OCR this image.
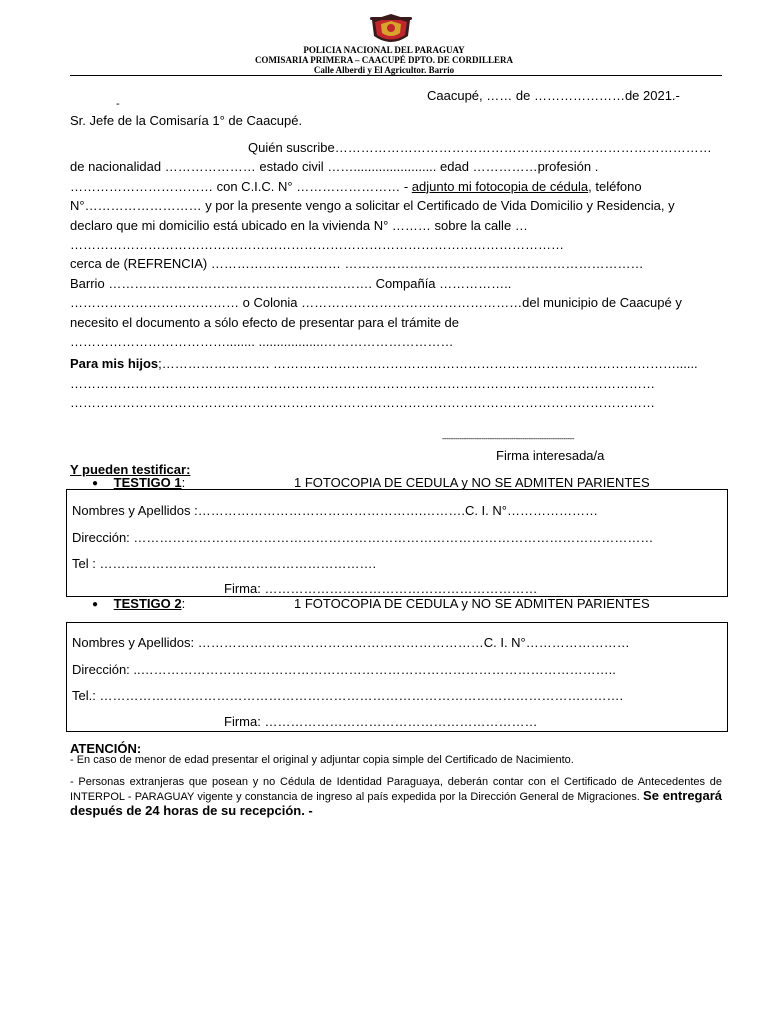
POLICIA NACIONAL DEL PARAGUAY
COMISARIA PRIMERA – CAACUPÉ DPTO. DE CORDILLERA
Calle Alberdi y El Agricultor. Barrio
Caacupé, …… de …………………de 2021.-
-
Sr. Jefe de la Comisaría 1° de Caacupé.
Quién suscribe……………………………………………………………………………
de nacionalidad ………………… estado civil ……....................... edad ……………profesión .
…………………………… con C.I.C. N° …………………… - adjunto mi fotocopia de cédula, teléfono
N°……………………… y por la presente vengo a solicitar el Certificado de Vida Domicilio y Residencia, y
declaro que mi domicilio está ubicado en la vivienda N° ……… sobre la calle …
……………………………………………………………………………………………………
cerca de (REFRENCIA) ………………………… ……………………………………………………………
Barrio ……………………………………………………. Compañía ……………..
………………………………… o Colonia ……………………………………………del municipio de Caacupé y
necesito el documento a sólo efecto de presentar para el trámite de
………………………………........ ..................…………………………
Para mis hijos;……………………. …………………………………………………………………………………......
………………………………………………………………………………………………………………………
………………………………………………………………………………………………………………………
-------------------------------------------------------------
Firma interesada/a
Y pueden testificar:
● TESTIGO 1:	1 FOTOCOPIA DE CEDULA y NO SE ADMITEN PARIENTES
Nombres y Apellidos :…………………………………………….……….C. I. N°…………………
Dirección: …………………………………………………………………………………………………………
Tel : ……………………………………………………….
Firma: ………………………………………………………
● TESTIGO 2:	1 FOTOCOPIA DE CEDULA y NO SE ADMITEN PARIENTES
Nombres y Apellidos: …………………………………………………………C. I. N°……………………
Dirección: ..………………………………………………………………………………………………..
Tel.: ………………………………………………………………………………………………………….
Firma: ………………………………………………………
ATENCIÓN:
- En caso de menor de edad presentar el original y adjuntar copia simple del Certificado de Nacimiento.
- Personas extranjeras que posean y no Cédula de Identidad Paraguaya, deberán contar con el Certificado de Antecedentes de INTERPOL - PARAGUAY vigente y constancia de ingreso al país expedida por la Dirección General de Migraciones. Se entregará después de 24 horas de su recepción. -
